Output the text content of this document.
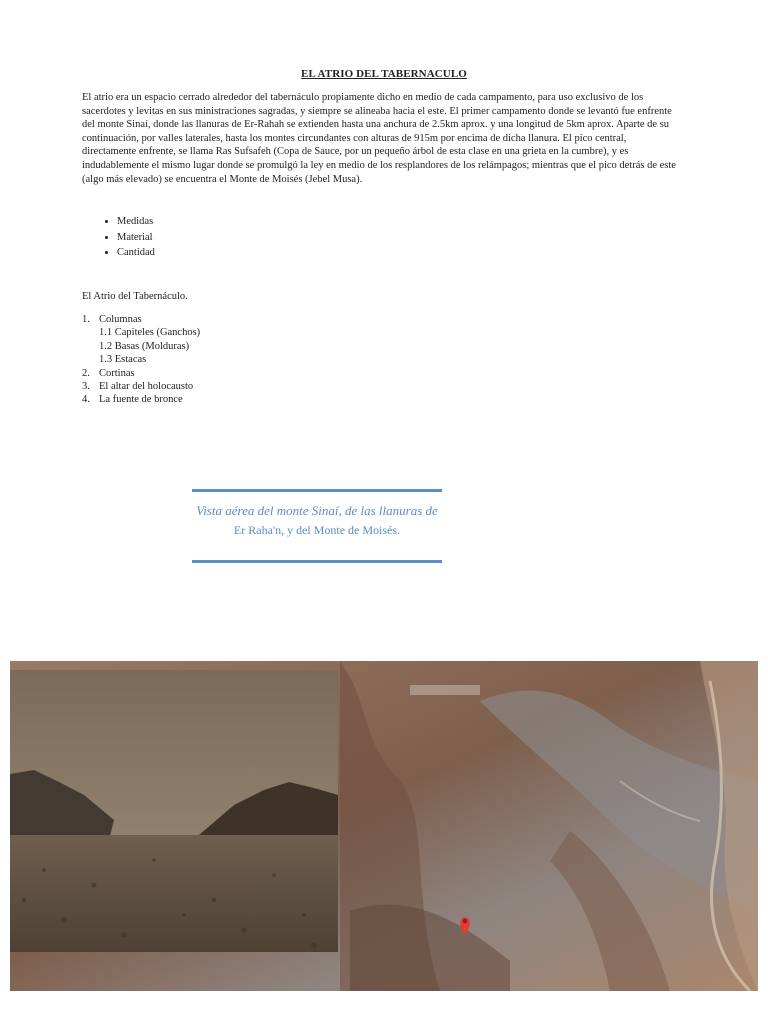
EL ATRIO DEL TABERNACULO

El atrio era un espacio cerrado alrededor del tabernáculo propiamente dicho en medio de cada campamento, para uso exclusivo de los sacerdotes y levitas en sus ministraciones sagradas, y siempre se alineaba hacia el este. El primer campamento donde se levantó fue enfrente del monte Sinaí, donde las llanuras de Er-Rahah se extienden hasta una anchura de 2.5km aprox. y una longitud de 5km aprox. Aparte de su continuación, por valles laterales, hasta los montes circundantes con alturas de 915m por encima de dicha llanura. El pico central, directamente enfrente, se llama Ras Sufsafeh (Copa de Sauce, por un pequeño árbol de esta clase en una grieta en la cumbre), y es indudablemente el mismo lugar donde se promulgó la ley en medio de los resplandores de los relámpagos; mientras que el pico detrás de este (algo más elevado) se encuentra el Monte de Moisés (Jebel Musa).

• Medidas
• Material
• Cantidad
El Atrio del Tabernáculo.
1. Columnas
1.1 Capiteles (Ganchos)
1.2 Basas (Molduras)
1.3 Estacas
2. Cortinas
3. El altar del holocausto
4. La fuente de bronce
Vista aérea del monte Sinaí, de las llanuras de Er Raha'n, y del Monte de Moisés.
